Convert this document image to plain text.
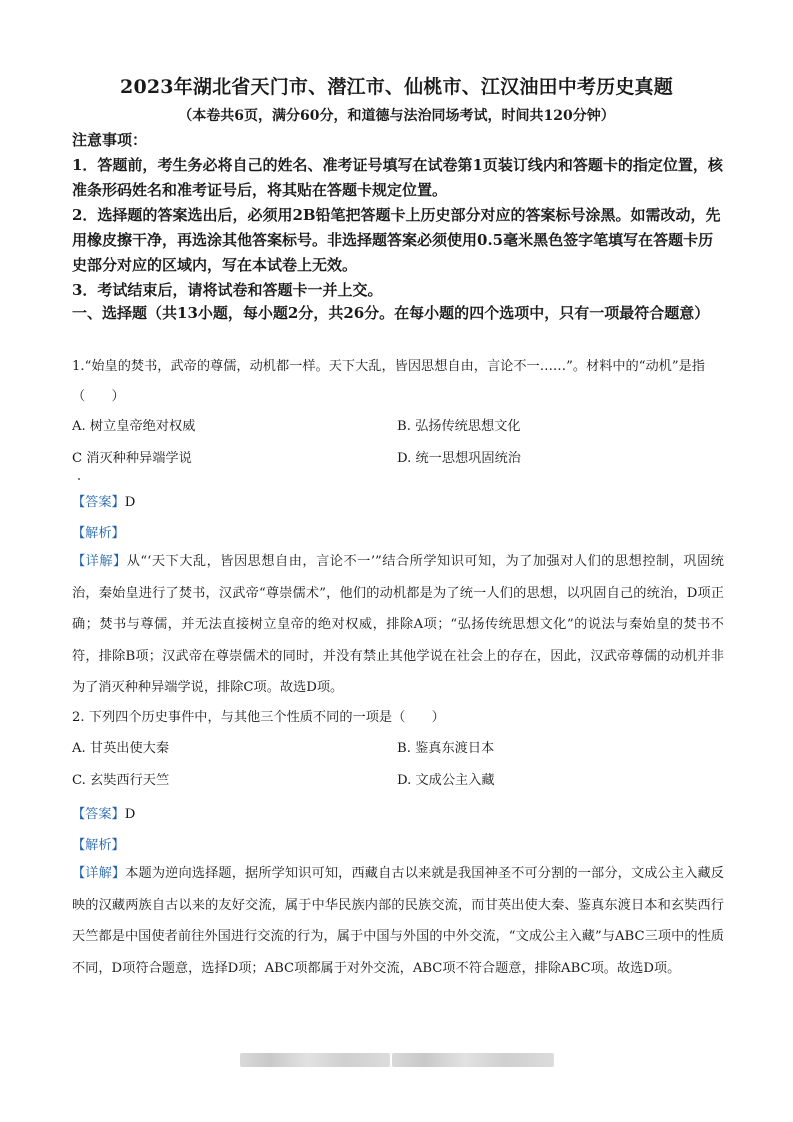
2023年湖北省天门市、潜江市、仙桃市、江汉油田中考历史真题
（本卷共6页，满分60分，和道德与法治同场考试，时间共120分钟）
注意事项：
1．答题前，考生务必将自己的姓名、准考证号填写在试卷第1页装订线内和答题卡的指定位置，核准条形码姓名和准考证号后，将其贴在答题卡规定位置。
2．选择题的答案选出后，必须用2B铅笔把答题卡上历史部分对应的答案标号涂黑。如需改动，先用橡皮擦干净，再选涂其他答案标号。非选择题答案必须使用0.5毫米黑色签字笔填写在答题卡历史部分对应的区域内，写在本试卷上无效。
3．考试结束后，请将试卷和答题卡一并上交。
一、选择题（共13小题，每小题2分，共26分。在每小题的四个选项中，只有一项最符合题意）
1.“始皇的焚书，武帝的尊儒，动机都一样。天下大乱，皆因思想自由，言论不一……”。材料中的“动机”是指（　　）
A. 树立皇帝绝对权威	B. 弘扬传统思想文化
C 消灭种种异端学说	D. 统一思想巩固统治
【答案】D
【解析】
【详解】从“‘天下大乱，皆因思想自由，言论不一’”结合所学知识可知，为了加强对人们的思想控制，巩固统治，秦始皇进行了焚书，汉武帝“尊崇儒术”，他们的动机都是为了统一人们的思想，以巩固自己的统治，D项正确；焚书与尊儒，并无法直接树立皇帝的绝对权威，排除A项；“弘扬传统思想文化”的说法与秦始皇的焚书不符，排除B项；汉武帝在尊崇儒术的同时，并没有禁止其他学说在社会上的存在，因此，汉武帝尊儒的动机并非为了消灭种种异端学说，排除C项。故选D项。
2. 下列四个历史事件中，与其他三个性质不同的一项是（　　）
A. 甘英出使大秦	B. 鉴真东渡日本
C. 玄奘西行天竺	D. 文成公主入藏
【答案】D
【解析】
【详解】本题为逆向选择题，据所学知识可知，西藏自古以来就是我国神圣不可分割的一部分，文成公主入藏反映的汉藏两族自古以来的友好交流，属于中华民族内部的民族交流，而甘英出使大秦、鉴真东渡日本和玄奘西行天竺都是中国使者前往外国进行交流的行为，属于中国与外国的中外交流，“文成公主入藏”与ABC三项中的性质不同，D项符合题意，选择D项；ABC项都属于对外交流，ABC项不符合题意，排除ABC项。故选D项。
